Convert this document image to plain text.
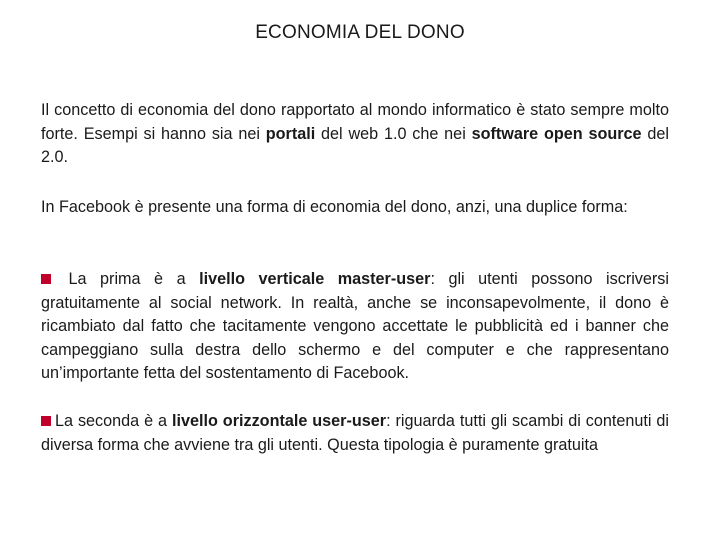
ECONOMIA DEL DONO
Il concetto di economia del dono rapportato al mondo informatico è stato sempre molto forte. Esempi si hanno sia nei portali del web 1.0 che nei software open source del 2.0.
In Facebook è presente una forma di economia del dono, anzi, una duplice forma:
La prima è a livello verticale master-user: gli utenti possono iscriversi gratuitamente al social network. In realtà, anche se inconsapevolmente, il dono è ricambiato dal fatto che tacitamente vengono accettate le pubblicità ed i banner che campeggiano sulla destra dello schermo e del computer e che rappresentano un’importante fetta del sostentamento di Facebook.
La seconda è a livello orizzontale user-user: riguarda tutti gli scambi di contenuti di diversa forma che avviene tra gli utenti. Questa tipologia è puramente gratuita
